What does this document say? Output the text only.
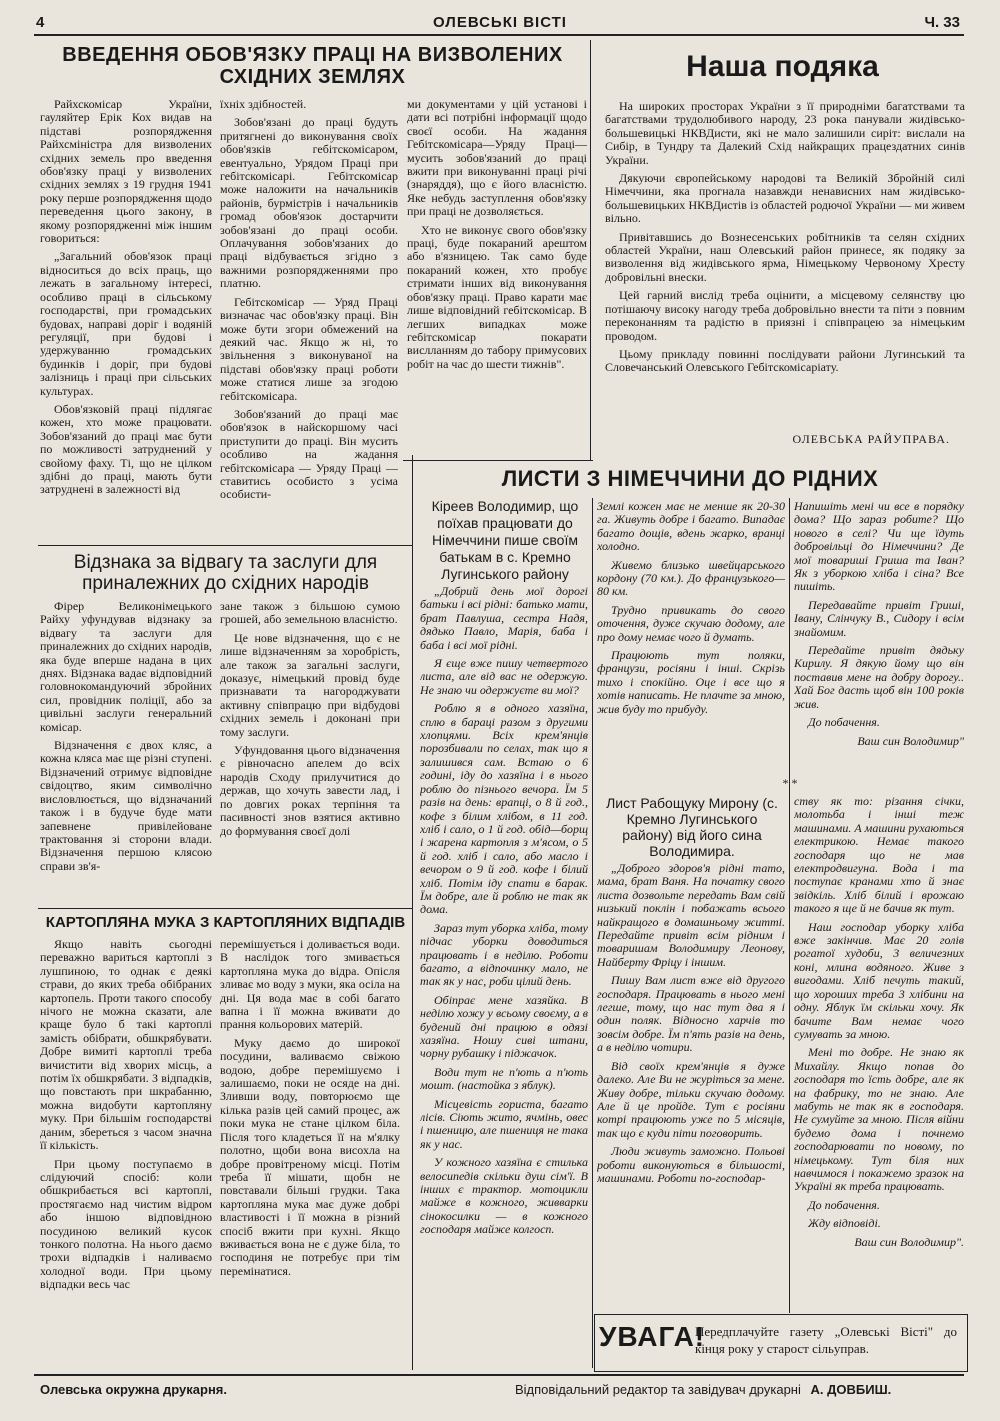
4	ОЛЕВСЬКІ ВІСТІ	Ч. 33
ВВЕДЕННЯ ОБОВ'ЯЗКУ ПРАЦІ НА ВИЗВОЛЕНИХ
СХІДНИХ ЗЕМЛЯХ

Райхскомісар України, гауляйтер Ерік Кох видав на підставі розпорядження Райхсміністра для визволених східних земель про введення обов'язку праці у визволених східних землях з 19 грудня 1941 року перше розпорядження щодо переведення цього закону, в якому розпорядженні між іншим говориться:

„Загальний обов'язок праці відноситься до всіх праць, що лежать в загальному інтересі, особливо праці в сільському господарстві, при громадських будовах, направі доріг і водяній регуляції, при будові і удержуванню громадських будинків і доріг, при будові залізниць і праці при сільських культурах.

Обов'язковій праці підлягає кожен, хто може працювати. Зобов'язаний до праці має бути по можливості затруднений у свойому фаху. Ті, що не цілком здібні до праці, мають бути затруднені в залежності від

їхніх здібностей.

Зобов'язані до праці будуть притягнені до виконування своїх обов'язків гебітскомісаром, евентуально, Урядом Праці при гебітскомісарі. Гебітскомісар може наложити на начальників районів, бурмістрів і начальників громад обов'язок достарчити зобов'язані до праці особи. Оплачування зобов'язаних до праці відбувається згідно з важними розпорядженнями про платню.

Гебітскомісар — Уряд Праці визначає час обов'язку праці. Він може бути згори обмежений на деякий час. Якщо ж ні, то звільнення з виконуваної на підставі обов'язку праці роботи може статися лише за згодою гебітскомісара.

Зобов'язаний до праці має обов'язок в найскоршому часі приступити до праці. Він мусить особливо на жадання гебітскомісара — Уряду Праці — ставитись особисто з усіма особисти-

ми документами у цій установі і дати всі потрібні інформації щодо своєї особи. На жадання Гебітскомісара—Уряду Праці—мусить зобов'язаний до праці вжити при виконуванні праці річі (знаряддя), що є його власністю. Яке небудь заступлення обов'язку при праці не дозволяється.

Хто не виконує свого обов'язку праці, буде покараний арештом або в'язницею. Так само буде покараний кожен, хто пробує стримати інших від виконування обов'язку праці. Право карати має лише відповідний гебітскомісар. В легших випадках може гебітскомісар покарати вислланням до табору примусових робіт на час до шести тижнів".

Наша подяка

На широких просторах України з її природніми багатствами та багатствами трудолюбивого народу, 23 рока панували жидівсько-большевицькі НКВДисти, які не мало залишили сиріт: вислали на Сибір, в Тундру та Далекий Схід найкращих працездатних синів України.

Дякуючи європейському народові та Великій Збройній силі Німеччини, яка прогнала назавжди ненависних нам жидівсько-большевицьких НКВДистів із областей родючої України — ми живем вільно.

Привітавшись до Вознесенських робітників та селян східних областей України, наш Олевський район принесе, як подяку за визволення від жидівського ярма, Німецькому Червоному Хресту добровільні внески.

Цей гарний вислід треба оцінити, а місцевому селянству цю потішаючу високу нагоду треба добровільно внести та піти з повним переконанням та радістю в приязні і співпрацею за німецьким проводом.

Цьому прикладу повинні послідувати райони Лугинський та Словечанський Олевського Гебітскомісаріату.

ОЛЕВСЬКА РАЙУПРАВА.
Відзнака за відвагу та заслуги для
приналежних до східних народів

Фірер Великонімецького Райху уфундував відзнаку за відвагу та заслуги для приналежних до східних народів, яка буде вперше надана в цих днях. Відзнака вадає відповідний головнокомандуючий збройних сил, провідник поліції, або за цивільні заслуги генеральний комісар.

Відзначення є двох кляс, а кожна кляса має ще різні ступені. Відзначений отримує відповідне свідоцтво, яким символічно висловлюється, що відзначаний також і в будуче буде мати запевнене привілейоване трактовання зі сторони влади. Відзначення першою клясою справи зв'я-

зане також з більшою сумою грошей, або земельною власністю.

Це нове відзначення, що є не лише відзначенням за хоробрість, але також за загальні заслуги, доказує, німецький провід буде признавати та нагороджувати активну співпрацю при відбудові східних земель і доконані при тому заслуги.

Уфундовання цього відзначення є рівночасно апелем до всіх народів Сходу прилучитися до держав, що хочуть завести лад, і по довгих роках терпіння та пасивності знов взятися активно до формування своєї долі

КАРТОПЛЯНА МУКА З КАРТОПЛЯНИХ ВІДПАДІВ

Якщо навіть сьогодні переважно вариться картоплі з лушпиною, то однак є деякі страви, до яких треба обібраних картопель. Проти такого способу нічого не можна сказати, але краще було б такі картоплі замість обібрати, обшкрябувати. Добре вимиті картоплі треба вичистити від хворих місць, а потім їх обшкрябати. З відпадків, що повстають при шкрабанню, можна видобути картопляну муку. При більшім господарстві даним, збереться з часом значна її кількість.

При цьому поступаємо в слідуючий спосіб: коли обшкрибається всі картоплі, простягаємо над чистим відром або іншою відповідною посудиною великий кусок тонкого полотна. На нього даємо трохи відпадків і наливаємо холодної води. При цьому відпадки весь час

перемішується і доливається води. В наслідок того змивається картопляна мука до відра. Опісля зливає мо воду з муки, яка осіла на дні. Ця вода має в собі багато вапна і її можна вживати до прання кольорових матерій.

Муку даємо до широкої посудини, валиваємо свіжою водою, добре перемішуємо і залишаємо, поки не осяде на дні. Зливши воду, повторюємо ще кілька разів цей самий процес, аж поки мука не стане цілком біла. Після того кладеться її на м'ялку полотно, щоби вона висохла на добре провітреному місці. Потім треба її мішати, щобн не повставали більші грудки. Така картопляна мука має дуже добрі властивості і її можна в різний спосіб вжити при кухні. Якщо вживається вона не є дуже біла, то господиня не потребує при тім перемінатися.

ЛИСТИ З НІМЕЧЧИНИ ДО РІДНИХ
Кіреев Володимир, що поїхав працювати до Німеччини пише своїм батькам в с. Кремно Лугинського району

„Добрий день мої дорогі батьки і всі рідні: батько мати, брат Павлуша, сестра Надя, дядько Павло, Марія, баба і баба і всі мої рідні.

Я єще вже пишу четвертого листа, але від вас не одержую. Не знаю чи одержуєте ви мої?

Роблю я в одного хазяїна, сплю в бараці разом з другими хлопцями. Всіх крем'янців порозбивали по селах, так що я залишився сам. Встаю о 6 годині, іду до хазяїна і в нього роблю до пізнього вечора. Їм 5 разів на день: врапці, о 8 й год., кофе з білим хлібом, в 11 год. хліб і сало, о 1 й год. обід—борщ і жарена картопля з м'ясом, о 5 й год. хліб і сало, або масло і вечором о 9 й год. кофе і білий хліб. Потім іду спати в барак. Їм добре, але й роблю не так як дома.

Зараз тут уборка хліба, тому підчас уборки доводиться працювать і в неділю. Роботи багато, а відпочинку мало, не так як у нас, роби цілий день.

Обіпрає мене хазяйка. В неділю хожу у всьому своєму, а в будений дні працюю в одязі хазяїна. Ношу сиві штани, чорну рубашку і піджачок.

Води тут не п'ють а п'ють мошт. (настойка з яблук).

Місцевість гориста, багато лісів. Сіють жито, ячмінь, овес і пшеницю, але пшениця не така як у нас.

У кожного хазяїна є стилька велосипедів скільки душ сім'ї. В інших є трактор. мотоцикли майже в кожного, живварки сінокосилки — в кожного господаря майже колгосп.

Землі кожен має не менше як 20-30 га. Живуть добре і багато. Випадає багато дощів, вдень жарко, вранці холодно.

Живемо близько швейцарського кордону (70 км.). До французького—80 км.

Трудно привикать до свого оточення, дуже скучаю додому, але про дому немає чого й думать.

Працюють тут поляки, французи, росіяни і інші. Скрізь тихо і спокійно. Оце і все що я хотів написать. Не плачте за мною, жив буду то прибуду.

Напишіть мені чи все в порядку дома? Що зараз робите? Що нового в селі? Чи ще їдуть добровільці до Німеччини? Де мої товариші Гриша та Іван? Як з уборкою хліба і сіна? Все пишіть.

Передавайте привіт Гриші, Івану, Слінчуку В., Сидору і всім знайомим.

Передайте привіт дядьку Кирилу. Я дякую йому що він поставив мене на добру дорогу.. Хай Бог дасть щоб він 100 років жив.

До побачення.

Ваш син Володимир"

* *
Лист Рабощуку Мирону (с. Кремно Лугинського району) від його сина Володимира.

„Доброго здоров'я рідні тато, мама, брат Ваня. На початку свого листа дозвольте передать Вам свій низький поклін і побажать всього найкращого в домашньому житті. Передайте привіт всім рідним і товаришам Володимиру Леонову, Найберту Фріцу і іншим.

Пишу Вам лист вже від другого господаря. Працювать в нього мені легше, тому, що нас тут два я і один поляк. Відносно харчів то зовсім добре. Їм п'ять разів на день, а в неділю чотири.

Від своїх крем'янців я дуже далеко. Але Ви не журіться за мене. Живу добре, тільки скучаю додому. Але й це пройде. Тут є росіяни котрі працюють уже по 5 місяців, так що є куди піти поговорить.

Люди живуть заможно. Польові роботи виконуються в більшості, машинами. Роботи по-господар-

ству як то: різання січки, молотьба і інші теж машинами. А машини рухаються електрикою. Немає такого господаря що не мав електродвигуна. Вода і та поступає кранами хто й знає звідкіль. Хліб білий і врожаю такого я ще й не бачив як тут.

Наш господар уборку хліба вже закінчив. Має 20 голів рогатої худоби, 3 величезних коні, млина водяного. Живе з вигодами. Хліб печуть такий, що хороших треба 3 хлібини на одну. Яблук їм скільки хочу. Як бачите Вам немає чого сумувать за мною.

Мені то добре. Не знаю як Михайлу. Якщо попав до господаря то їсть добре, але як на фабрику, то не знаю. Але мабуть не так як в господаря. Не сумуйте за мною. Після війни будемо дома і почнемо господарювати по новому, по німецькому. Тут біля них навчимося і покажемо зразок на Україні як треба працювать.

До побачення.

Жду відповіді.

Ваш син Володимир".

УВАГА!
Передплачуйте газету „Олевські Вісті" до кінця року у старост сільуправ.
Олевська окружна друкарня.	Відповідальний редактор та завідувач друкарні А. ДОВБИШ.
